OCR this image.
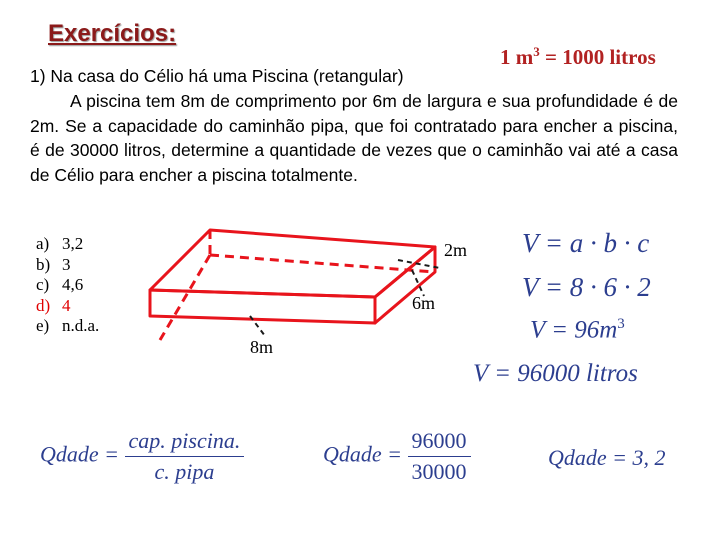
Exercícios:
1 $m^3 = 1000$ litros
1) Na casa do Célio há uma Piscina (retangular)
A piscina tem 8m de comprimento por 6m de largura e sua profundidade é de 2m. Se a capacidade do caminhão pipa, que foi contratado para encher a piscina, é de 30000 litros, determine a quantidade de vezes que o caminhão vai até a casa de Célio para encher a piscina totalmente.
a) 3,2
b) 3
c) 4,6
d) 4
e) n.d.a.
2m
6m
8m
V = a · b · c
V = 8 · 6 · 2
$V = 96m^3$
V = 96000 litros
Qdade = $\frac{\text{cap. piscina.}}{\text{c. pipa}}$	Qdade = $\frac{96000}{30000}$	Qdade = 3, 2
